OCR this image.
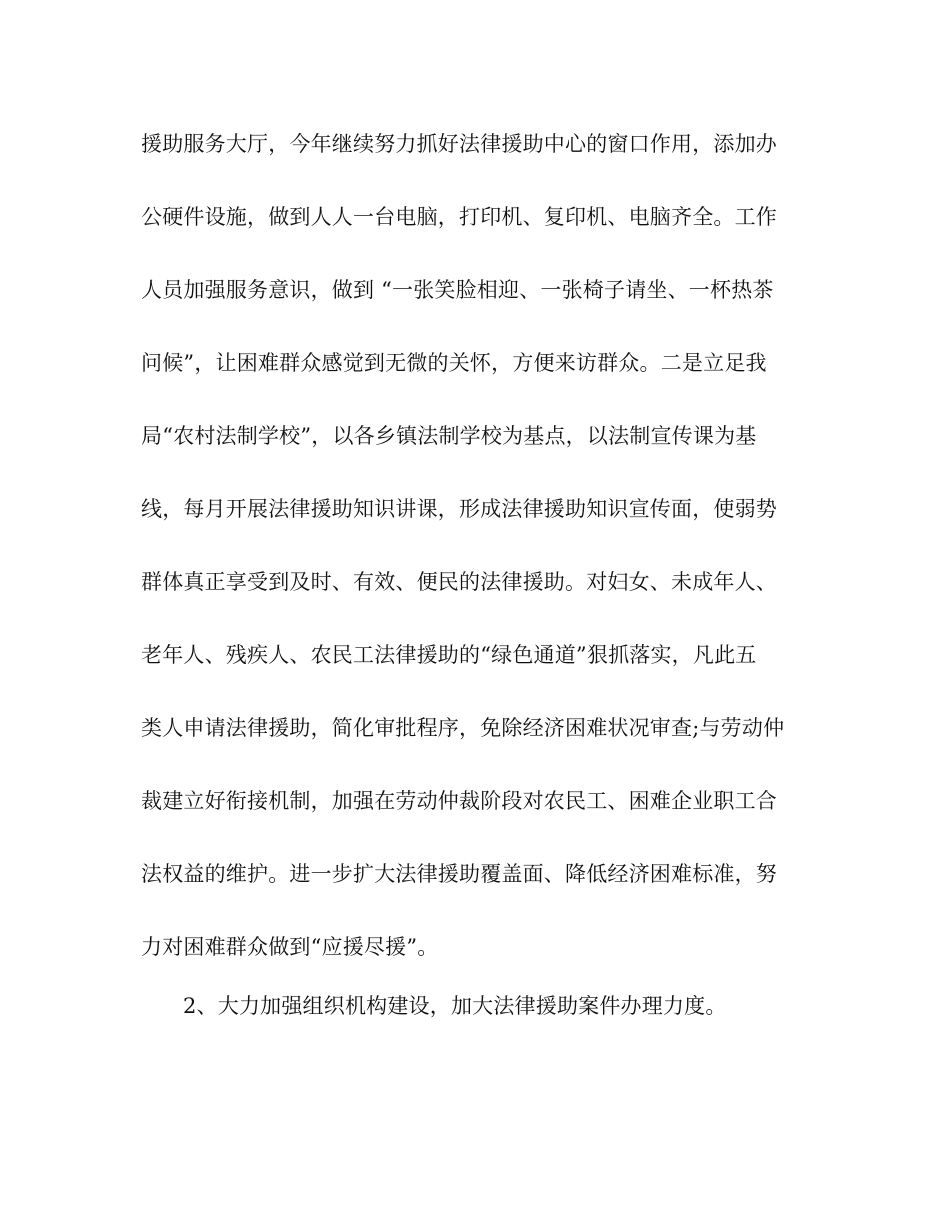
援助服务大厅，今年继续努力抓好法律援助中心的窗口作用，添加办
公硬件设施，做到人人一台电脑，打印机、复印机、电脑齐全。工作
人员加强服务意识，做到 “一张笑脸相迎、一张椅子请坐、一杯热茶
问候”，让困难群众感觉到无微的关怀，方便来访群众。二是立足我
局“农村法制学校”，以各乡镇法制学校为基点，以法制宣传课为基
线，每月开展法律援助知识讲课，形成法律援助知识宣传面，使弱势
群体真正享受到及时、有效、便民的法律援助。对妇女、未成年人、
老年人、残疾人、农民工法律援助的“绿色通道”狠抓落实，凡此五
类人申请法律援助，简化审批程序，免除经济困难状况审查;与劳动仲
裁建立好衔接机制，加强在劳动仲裁阶段对农民工、困难企业职工合
法权益的维护。进一步扩大法律援助覆盖面、降低经济困难标准，努
力对困难群众做到“应援尽援”。
2、大力加强组织机构建设，加大法律援助案件办理力度。
